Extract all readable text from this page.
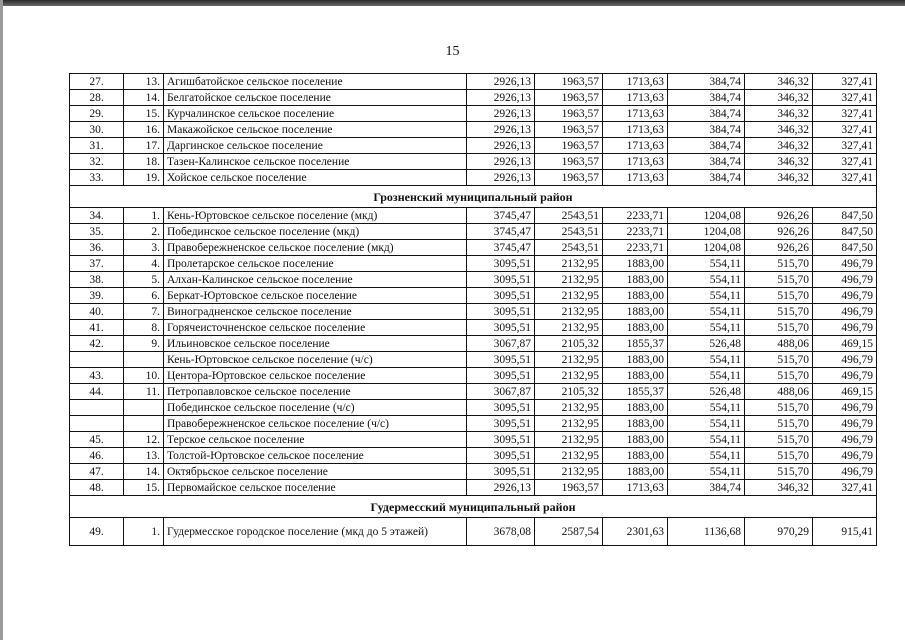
15
27.	13.	Агишбатойское сельское поселение	2926,13	1963,57	1713,63	384,74	346,32	327,41
28.	14.	Белгатойское сельское поселение	2926,13	1963,57	1713,63	384,74	346,32	327,41
29.	15.	Курчалинское сельское поселение	2926,13	1963,57	1713,63	384,74	346,32	327,41
30.	16.	Макажойское сельское поселение	2926,13	1963,57	1713,63	384,74	346,32	327,41
31.	17.	Даргинское сельское поселение	2926,13	1963,57	1713,63	384,74	346,32	327,41
32.	18.	Тазен-Калинское сельское поселение	2926,13	1963,57	1713,63	384,74	346,32	327,41
33.	19.	Хойское сельское поселение	2926,13	1963,57	1713,63	384,74	346,32	327,41
Грозненский муниципальный район								
34.	1.	Кень-Юртовское сельское поселение (мкд)	3745,47	2543,51	2233,71	1204,08	926,26	847,50
35.	2.	Побединское сельское поселение (мкд)	3745,47	2543,51	2233,71	1204,08	926,26	847,50
36.	3.	Правобережненское сельское поселение (мкд)	3745,47	2543,51	2233,71	1204,08	926,26	847,50
37.	4.	Пролетарское сельское поселение	3095,51	2132,95	1883,00	554,11	515,70	496,79
38.	5.	Алхан-Калинское сельское поселение	3095,51	2132,95	1883,00	554,11	515,70	496,79
39.	6.	Беркат-Юртовское сельское поселение	3095,51	2132,95	1883,00	554,11	515,70	496,79
40.	7.	Виноградненское сельское поселение	3095,51	2132,95	1883,00	554,11	515,70	496,79
41.	8.	Горячеисточненское сельское поселение	3095,51	2132,95	1883,00	554,11	515,70	496,79
42.	9.	Ильиновское сельское поселение	3067,87	2105,32	1855,37	526,48	488,06	469,15
		Кень-Юртовское сельское поселение (ч/с)	3095,51	2132,95	1883,00	554,11	515,70	496,79
43.	10.	Центора-Юртовское сельское поселение	3095,51	2132,95	1883,00	554,11	515,70	496,79
44.	11.	Петропавловское сельское поселение	3067,87	2105,32	1855,37	526,48	488,06	469,15
		Побединское сельское поселение (ч/с)	3095,51	2132,95	1883,00	554,11	515,70	496,79
		Правобережненское сельское поселение (ч/с)	3095,51	2132,95	1883,00	554,11	515,70	496,79
45.	12.	Терское сельское поселение	3095,51	2132,95	1883,00	554,11	515,70	496,79
46.	13.	Толстой-Юртовское сельское поселение	3095,51	2132,95	1883,00	554,11	515,70	496,79
47.	14.	Октябрьское сельское поселение	3095,51	2132,95	1883,00	554,11	515,70	496,79
48.	15.	Первомайское сельское поселение	2926,13	1963,57	1713,63	384,74	346,32	327,41
Гудермесский муниципальный район								
49.	1.	Гудермесское городское поселение (мкд до 5 этажей)	3678,08	2587,54	2301,63	1136,68	970,29	915,41
